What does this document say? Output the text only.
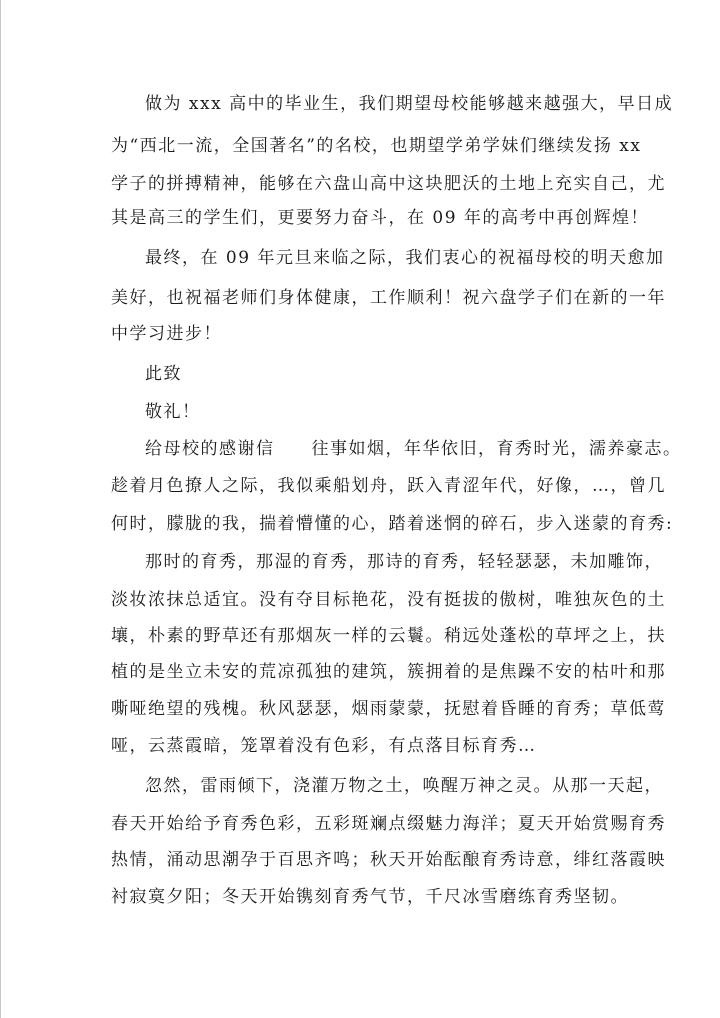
做为 xxx 高中的毕业生，我们期望母校能够越来越强大，早日成
为“西北一流，全国著名”的名校，也期望学弟学妹们继续发扬 xx
学子的拼搏精神，能够在六盘山高中这块肥沃的土地上充实自己，尤
其是高三的学生们，更要努力奋斗，在 09 年的高考中再创辉煌！
最终，在 09 年元旦来临之际，我们衷心的祝福母校的明天愈加
美好，也祝福老师们身体健康，工作顺利！祝六盘学子们在新的一年
中学习进步！
此致
敬礼！
给母校的感谢信　　往事如烟，年华依旧，育秀时光，濡养豪志。
趁着月色撩人之际，我似乘船划舟，跃入青涩年代，好像，…，曾几
何时，朦胧的我，揣着懵懂的心，踏着迷惘的碎石，步入迷蒙的育秀:
那时的育秀，那湿的育秀，那诗的育秀，轻轻瑟瑟，未加雕饰，
淡妆浓抹总适宜。没有夺目标艳花，没有挺拔的傲树，唯独灰色的土
壤，朴素的野草还有那烟灰一样的云鬟。稍远处蓬松的草坪之上，扶
植的是坐立未安的荒凉孤独的建筑，簇拥着的是焦躁不安的枯叶和那
嘶哑绝望的残槐。秋风瑟瑟，烟雨蒙蒙，抚慰着昏睡的育秀；草低莺
哑，云蒸霞暗，笼罩着没有色彩，有点落目标育秀…
忽然，雷雨倾下，浇灌万物之土，唤醒万神之灵。从那一天起，
春天开始给予育秀色彩，五彩斑斓点缀魅力海洋；夏天开始赏赐育秀
热情，涌动思潮孕于百思齐鸣；秋天开始酝酿育秀诗意，绯红落霞映
衬寂寞夕阳；冬天开始镌刻育秀气节，千尺冰雪磨练育秀坚韧。
